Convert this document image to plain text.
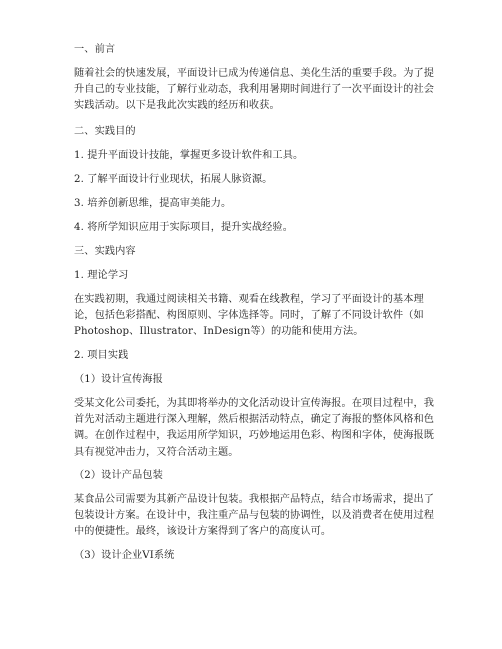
一、前言

随着社会的快速发展，平面设计已成为传递信息、美化生活的重要手段。为了提升自己的专业技能，了解行业动态，我利用暑期时间进行了一次平面设计的社会实践活动。以下是我此次实践的经历和收获。

二、实践目的

1. 提升平面设计技能，掌握更多设计软件和工具。

2. 了解平面设计行业现状，拓展人脉资源。

3. 培养创新思维，提高审美能力。

4. 将所学知识应用于实际项目，提升实战经验。

三、实践内容

1. 理论学习

在实践初期，我通过阅读相关书籍、观看在线教程，学习了平面设计的基本理论，包括色彩搭配、构图原则、字体选择等。同时，了解了不同设计软件（如Photoshop、Illustrator、InDesign等）的功能和使用方法。

2. 项目实践

（1）设计宣传海报

受某文化公司委托，为其即将举办的文化活动设计宣传海报。在项目过程中，我首先对活动主题进行深入理解，然后根据活动特点，确定了海报的整体风格和色调。在创作过程中，我运用所学知识，巧妙地运用色彩、构图和字体，使海报既具有视觉冲击力，又符合活动主题。

（2）设计产品包装

某食品公司需要为其新产品设计包装。我根据产品特点，结合市场需求，提出了包装设计方案。在设计中，我注重产品与包装的协调性，以及消费者在使用过程中的便捷性。最终，该设计方案得到了客户的高度认可。

（3）设计企业VI系统
